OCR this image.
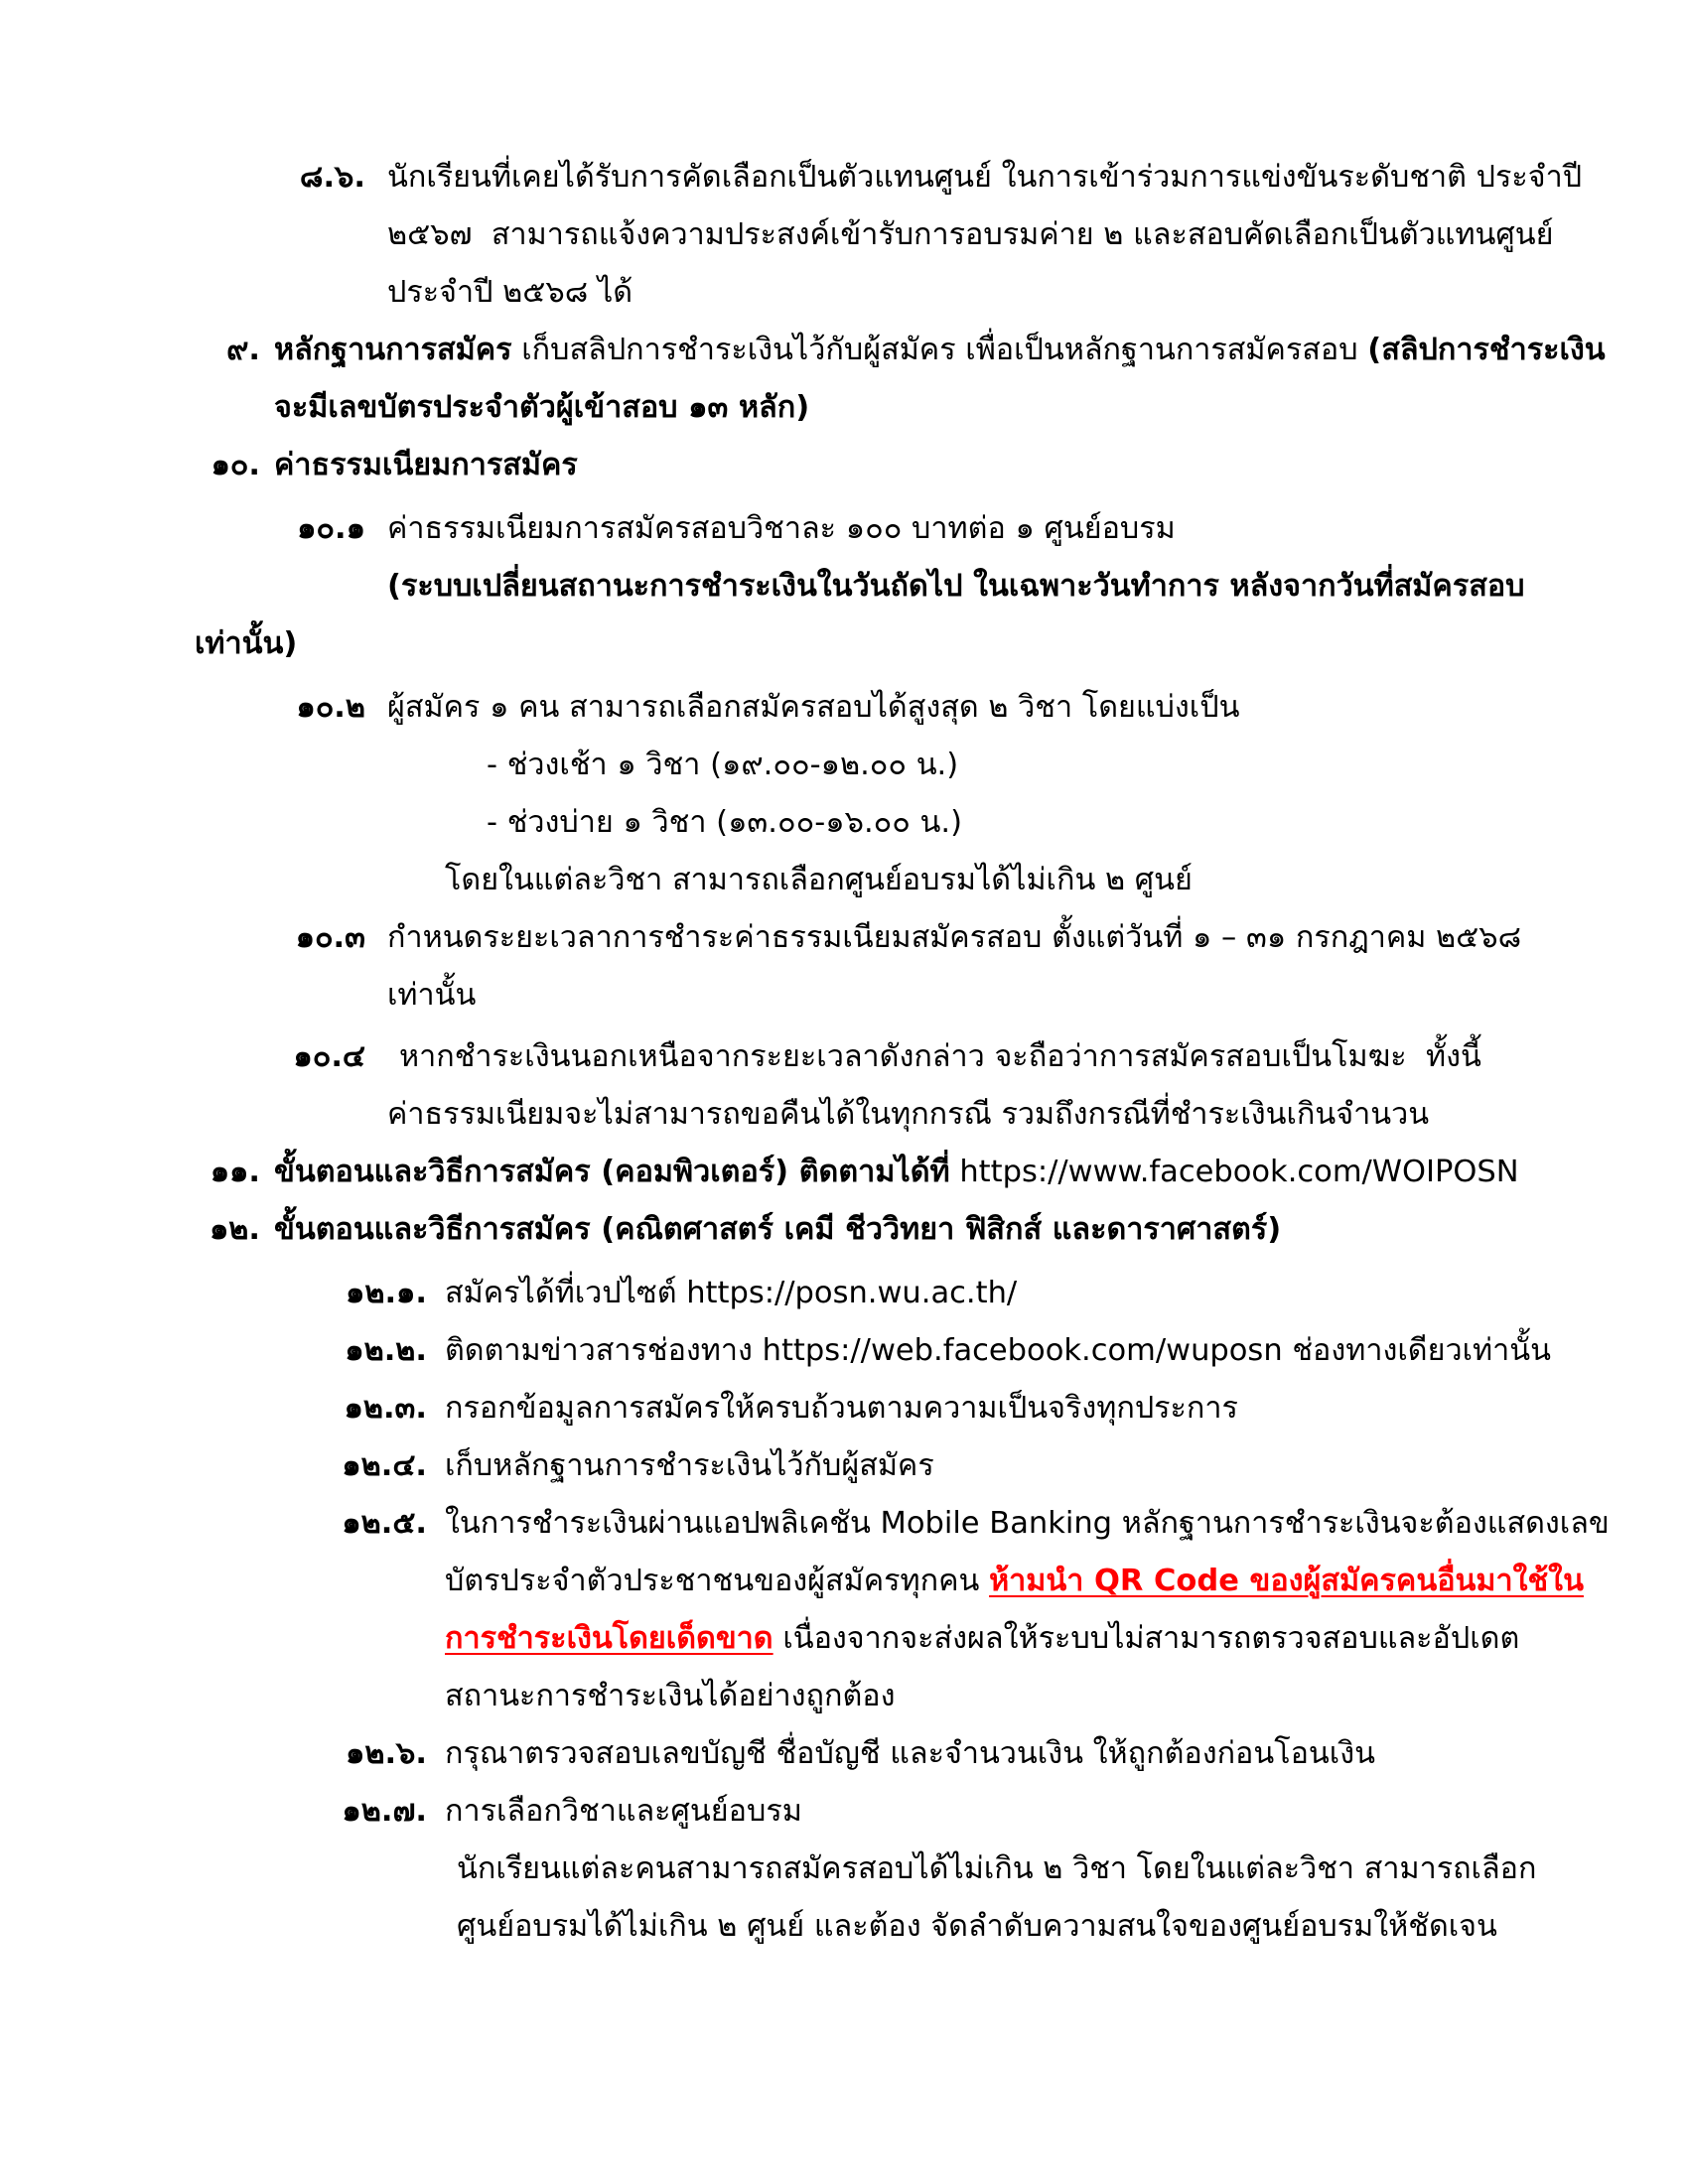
๘.๖. นักเรียนที่เคยได้รับการคัดเลือกเป็นตัวแทนศูนย์ ในการเข้าร่วมการแข่งขันระดับชาติ ประจำปี
๒๕๖๗  สามารถแจ้งความประสงค์เข้ารับการอบรมค่าย ๒ และสอบคัดเลือกเป็นตัวแทนศูนย์
ประจำปี ๒๕๖๘ ได้
๙. หลักฐานการสมัคร เก็บสลิปการชำระเงินไว้กับผู้สมัคร เพื่อเป็นหลักฐานการสมัครสอบ (สลิปการชำระเงิน
จะมีเลขบัตรประจำตัวผู้เข้าสอบ ๑๓ หลัก)
๑๐. ค่าธรรมเนียมการสมัคร
๑๐.๑ ค่าธรรมเนียมการสมัครสอบวิชาละ ๑๐๐ บาทต่อ ๑ ศูนย์อบรม
(ระบบเปลี่ยนสถานะการชำระเงินในวันถัดไป ในเฉพาะวันทำการ หลังจากวันที่สมัครสอบ
เท่านั้น)
๑๐.๒ ผู้สมัคร ๑ คน สามารถเลือกสมัครสอบได้สูงสุด ๒ วิชา โดยแบ่งเป็น
- ช่วงเช้า ๑ วิชา (๑๙.๐๐-๑๒.๐๐ น.)
- ช่วงบ่าย ๑ วิชา (๑๓.๐๐-๑๖.๐๐ น.)
โดยในแต่ละวิชา สามารถเลือกศูนย์อบรมได้ไม่เกิน ๒ ศูนย์
๑๐.๓ กำหนดระยะเวลาการชำระค่าธรรมเนียมสมัครสอบ ตั้งแต่วันที่ ๑ – ๓๑ กรกฎาคม ๒๕๖๘
เท่านั้น
๑๐.๔	หากชำระเงินนอกเหนือจากระยะเวลาดังกล่าว จะถือว่าการสมัครสอบเป็นโมฆะ  ทั้งนี้
ค่าธรรมเนียมจะไม่สามารถขอคืนได้ในทุกกรณี รวมถึงกรณีที่ชำระเงินเกินจำนวน
๑๑. ขั้นตอนและวิธีการสมัคร (คอมพิวเตอร์) ติดตามได้ที่ https://www.facebook.com/WOIPOSN
๑๒. ขั้นตอนและวิธีการสมัคร (คณิตศาสตร์ เคมี ชีววิทยา ฟิสิกส์ และดาราศาสตร์)
๑๒.๑. สมัครได้ที่เวปไซต์ https://posn.wu.ac.th/
๑๒.๒. ติดตามข่าวสารช่องทาง https://web.facebook.com/wuposn ช่องทางเดียวเท่านั้น
๑๒.๓. กรอกข้อมูลการสมัครให้ครบถ้วนตามความเป็นจริงทุกประการ
๑๒.๔. เก็บหลักฐานการชำระเงินไว้กับผู้สมัคร
๑๒.๕. ในการชำระเงินผ่านแอปพลิเคชัน Mobile Banking หลักฐานการชำระเงินจะต้องแสดงเลข
บัตรประจำตัวประชาชนของผู้สมัครทุกคน ห้ามนำ QR Code ของผู้สมัครคนอื่นมาใช้ใน
การชำระเงินโดยเด็ดขาด เนื่องจากจะส่งผลให้ระบบไม่สามารถตรวจสอบและอัปเดต
สถานะการชำระเงินได้อย่างถูกต้อง
๑๒.๖. กรุณาตรวจสอบเลขบัญชี ชื่อบัญชี และจำนวนเงิน ให้ถูกต้องก่อนโอนเงิน
๑๒.๗. การเลือกวิชาและศูนย์อบรม
นักเรียนแต่ละคนสามารถสมัครสอบได้ไม่เกิน ๒ วิชา โดยในแต่ละวิชา สามารถเลือก
ศูนย์อบรมได้ไม่เกิน ๒ ศูนย์ และต้อง จัดลำดับความสนใจของศูนย์อบรมให้ชัดเจน
